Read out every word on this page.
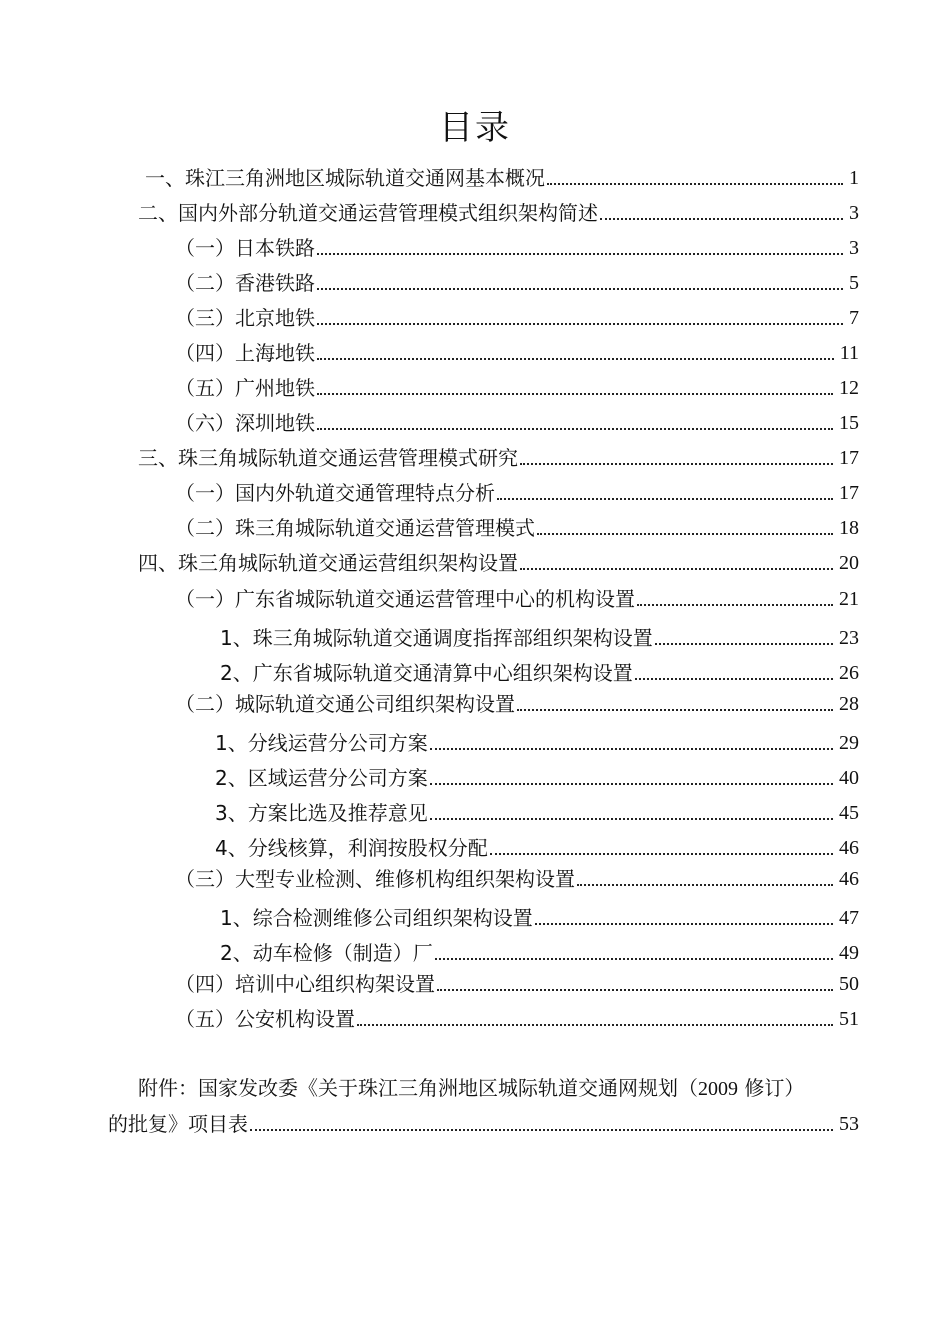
目录
一、珠江三角洲地区城际轨道交通网基本概况	1
二、国内外部分轨道交通运营管理模式组织架构简述	3
（一）日本铁路	3
（二）香港铁路	5
（三）北京地铁	7
（四）上海地铁	11
（五）广州地铁	12
（六）深圳地铁	15
三、珠三角城际轨道交通运营管理模式研究	17
（一）国内外轨道交通管理特点分析	17
（二）珠三角城际轨道交通运营管理模式	18
四、珠三角城际轨道交通运营组织架构设置	20
（一）广东省城际轨道交通运营管理中心的机构设置	21
1、珠三角城际轨道交通调度指挥部组织架构设置	23
2、广东省城际轨道交通清算中心组织架构设置	26
（二）城际轨道交通公司组织架构设置	28
1、分线运营分公司方案	29
2、区域运营分公司方案	40
3、方案比选及推荐意见	45
4、分线核算，利润按股权分配	46
（三）大型专业检测、维修机构组织架构设置	46
1、综合检测维修公司组织架构设置	47
2、动车检修（制造）厂	49
（四）培训中心组织构架设置	50
（五）公安机构设置	51
附件：国家发改委《关于珠江三角洲地区城际轨道交通网规划（2009 修订）
的批复》项目表	53
